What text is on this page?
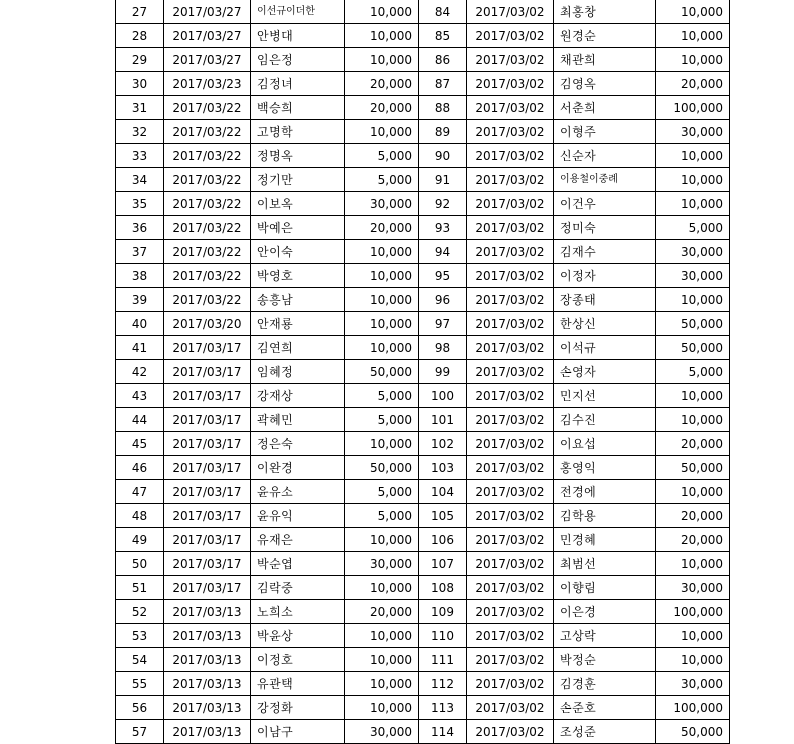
27	2017/03/27	이선규이더한	10,000	84	2017/03/02	최홍창	10,000
28	2017/03/27	안병대	10,000	85	2017/03/02	원경순	10,000
29	2017/03/27	임은정	10,000	86	2017/03/02	채관희	10,000
30	2017/03/23	김정녀	20,000	87	2017/03/02	김영옥	20,000
31	2017/03/22	백승희	20,000	88	2017/03/02	서춘희	100,000
32	2017/03/22	고명학	10,000	89	2017/03/02	이형주	30,000
33	2017/03/22	정명옥	5,000	90	2017/03/02	신순자	10,000
34	2017/03/22	정기만	5,000	91	2017/03/02	이용철이중례	10,000
35	2017/03/22	이보옥	30,000	92	2017/03/02	이건우	10,000
36	2017/03/22	박예은	20,000	93	2017/03/02	정미숙	5,000
37	2017/03/22	안이숙	10,000	94	2017/03/02	김재수	30,000
38	2017/03/22	박영호	10,000	95	2017/03/02	이정자	30,000
39	2017/03/22	송흥남	10,000	96	2017/03/02	장종태	10,000
40	2017/03/20	안재룡	10,000	97	2017/03/02	한상신	50,000
41	2017/03/17	김연희	10,000	98	2017/03/02	이석규	50,000
42	2017/03/17	임혜정	50,000	99	2017/03/02	손영자	5,000
43	2017/03/17	강재상	5,000	100	2017/03/02	민지선	10,000
44	2017/03/17	곽혜민	5,000	101	2017/03/02	김수진	10,000
45	2017/03/17	정은숙	10,000	102	2017/03/02	이요섭	20,000
46	2017/03/17	이완경	50,000	103	2017/03/02	홍영익	50,000
47	2017/03/17	윤유소	5,000	104	2017/03/02	전경에	10,000
48	2017/03/17	윤유익	5,000	105	2017/03/02	김학용	20,000
49	2017/03/17	유재은	10,000	106	2017/03/02	민경혜	20,000
50	2017/03/17	박순엽	30,000	107	2017/03/02	최범선	10,000
51	2017/03/17	김락중	10,000	108	2017/03/02	이향림	30,000
52	2017/03/13	노희소	20,000	109	2017/03/02	이은경	100,000
53	2017/03/13	박윤상	10,000	110	2017/03/02	고상락	10,000
54	2017/03/13	이정호	10,000	111	2017/03/02	박정순	10,000
55	2017/03/13	유관택	10,000	112	2017/03/02	김경훈	30,000
56	2017/03/13	강정화	10,000	113	2017/03/02	손준호	100,000
57	2017/03/13	이남구	30,000	114	2017/03/02	조성준	50,000
